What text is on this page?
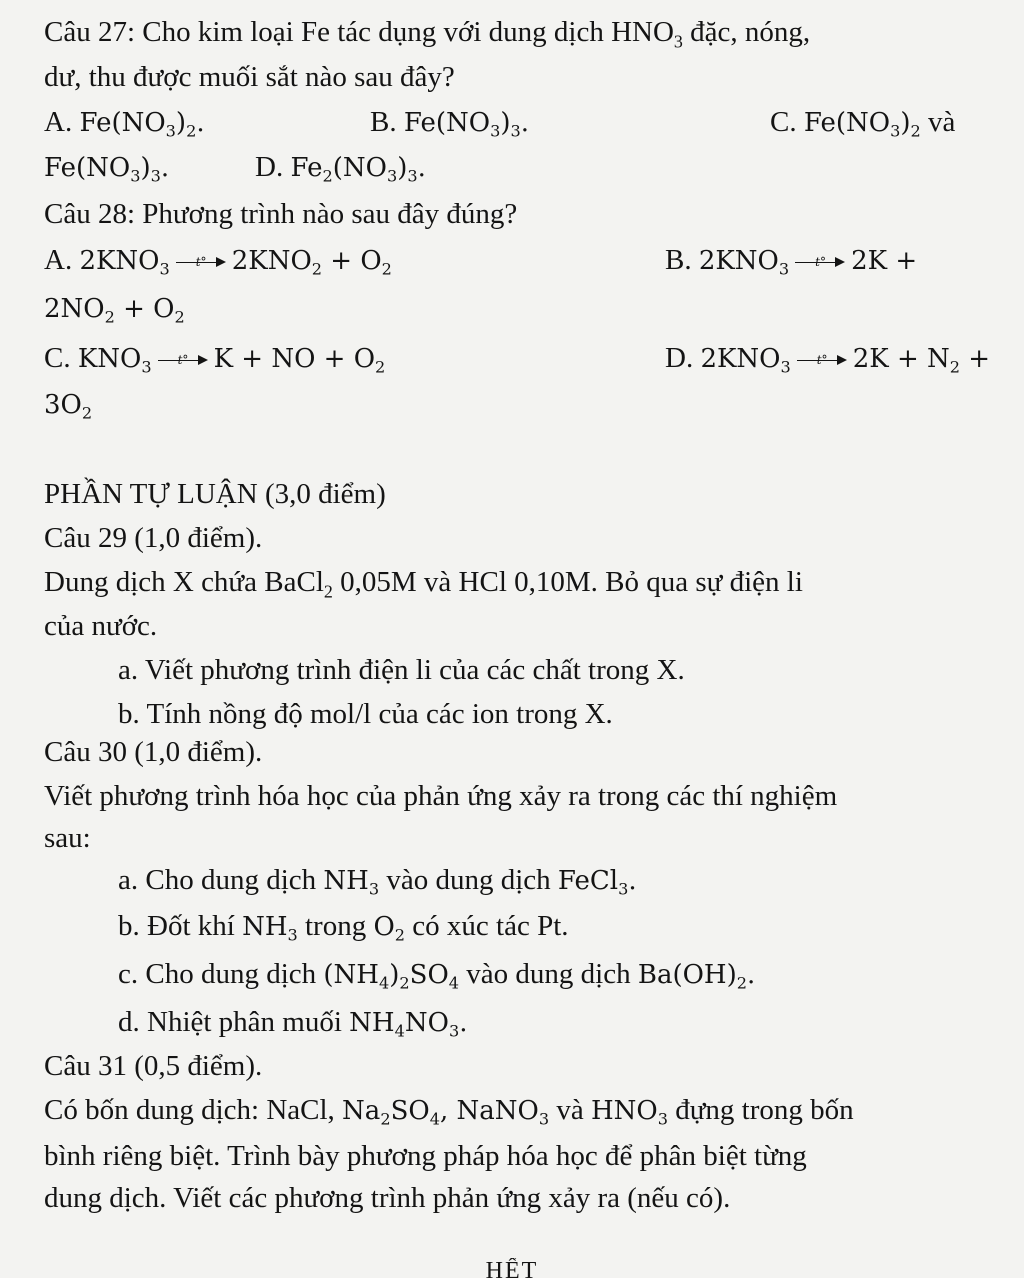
Câu 27: Cho kim loại Fe tác dụng với dung dịch $HNO_3$ đặc, nóng,
dư, thu được muối sắt nào sau đây?
A. $Fe(NO_3)_2$.	B. $Fe(NO_3)_3$.	C. $Fe(NO_3)_2$ và
$Fe(NO_3)_3$.	D. $Fe_2(NO_3)_3$.
Câu 28: Phương trình nào sau đây đúng?
A. $2KNO_3$ t° $2KNO_2 + O_2$	B. $2KNO_3$ t° 2K +
$2NO_2 + O_2$
C. $KNO_3$ t° K + NO + $O_2$	D. $2KNO_3$ t° $2K + N_2$ +
$3O_2$
PHẦN TỰ LUẬN (3,0 điểm)
Câu 29 (1,0 điểm).
Dung dịch X chứa BaCl$_2$ 0,05M và HCl 0,10M. Bỏ qua sự điện li
của nước.
a. Viết phương trình điện li của các chất trong X.
b. Tính nồng độ mol/l của các ion trong X.
Câu 30 (1,0 điểm).
Viết phương trình hóa học của phản ứng xảy ra trong các thí nghiệm
sau:
a. Cho dung dịch $NH_3$ vào dung dịch FeCl$_3$.
b. Đốt khí $NH_3$ trong $O_2$ có xúc tác Pt.
c. Cho dung dịch $(NH_4)_2SO_4$ vào dung dịch $Ba(OH)_2$.
d. Nhiệt phân muối $NH_4NO_3$.
Câu 31 (0,5 điểm).
Có bốn dung dịch: NaCl, $Na_2SO_4$, NaNO$_3$ và $HNO_3$ đựng trong bốn
bình riêng biệt. Trình bày phương pháp hóa học để phân biệt từng
dung dịch. Viết các phương trình phản ứng xảy ra (nếu có).
HẾT
